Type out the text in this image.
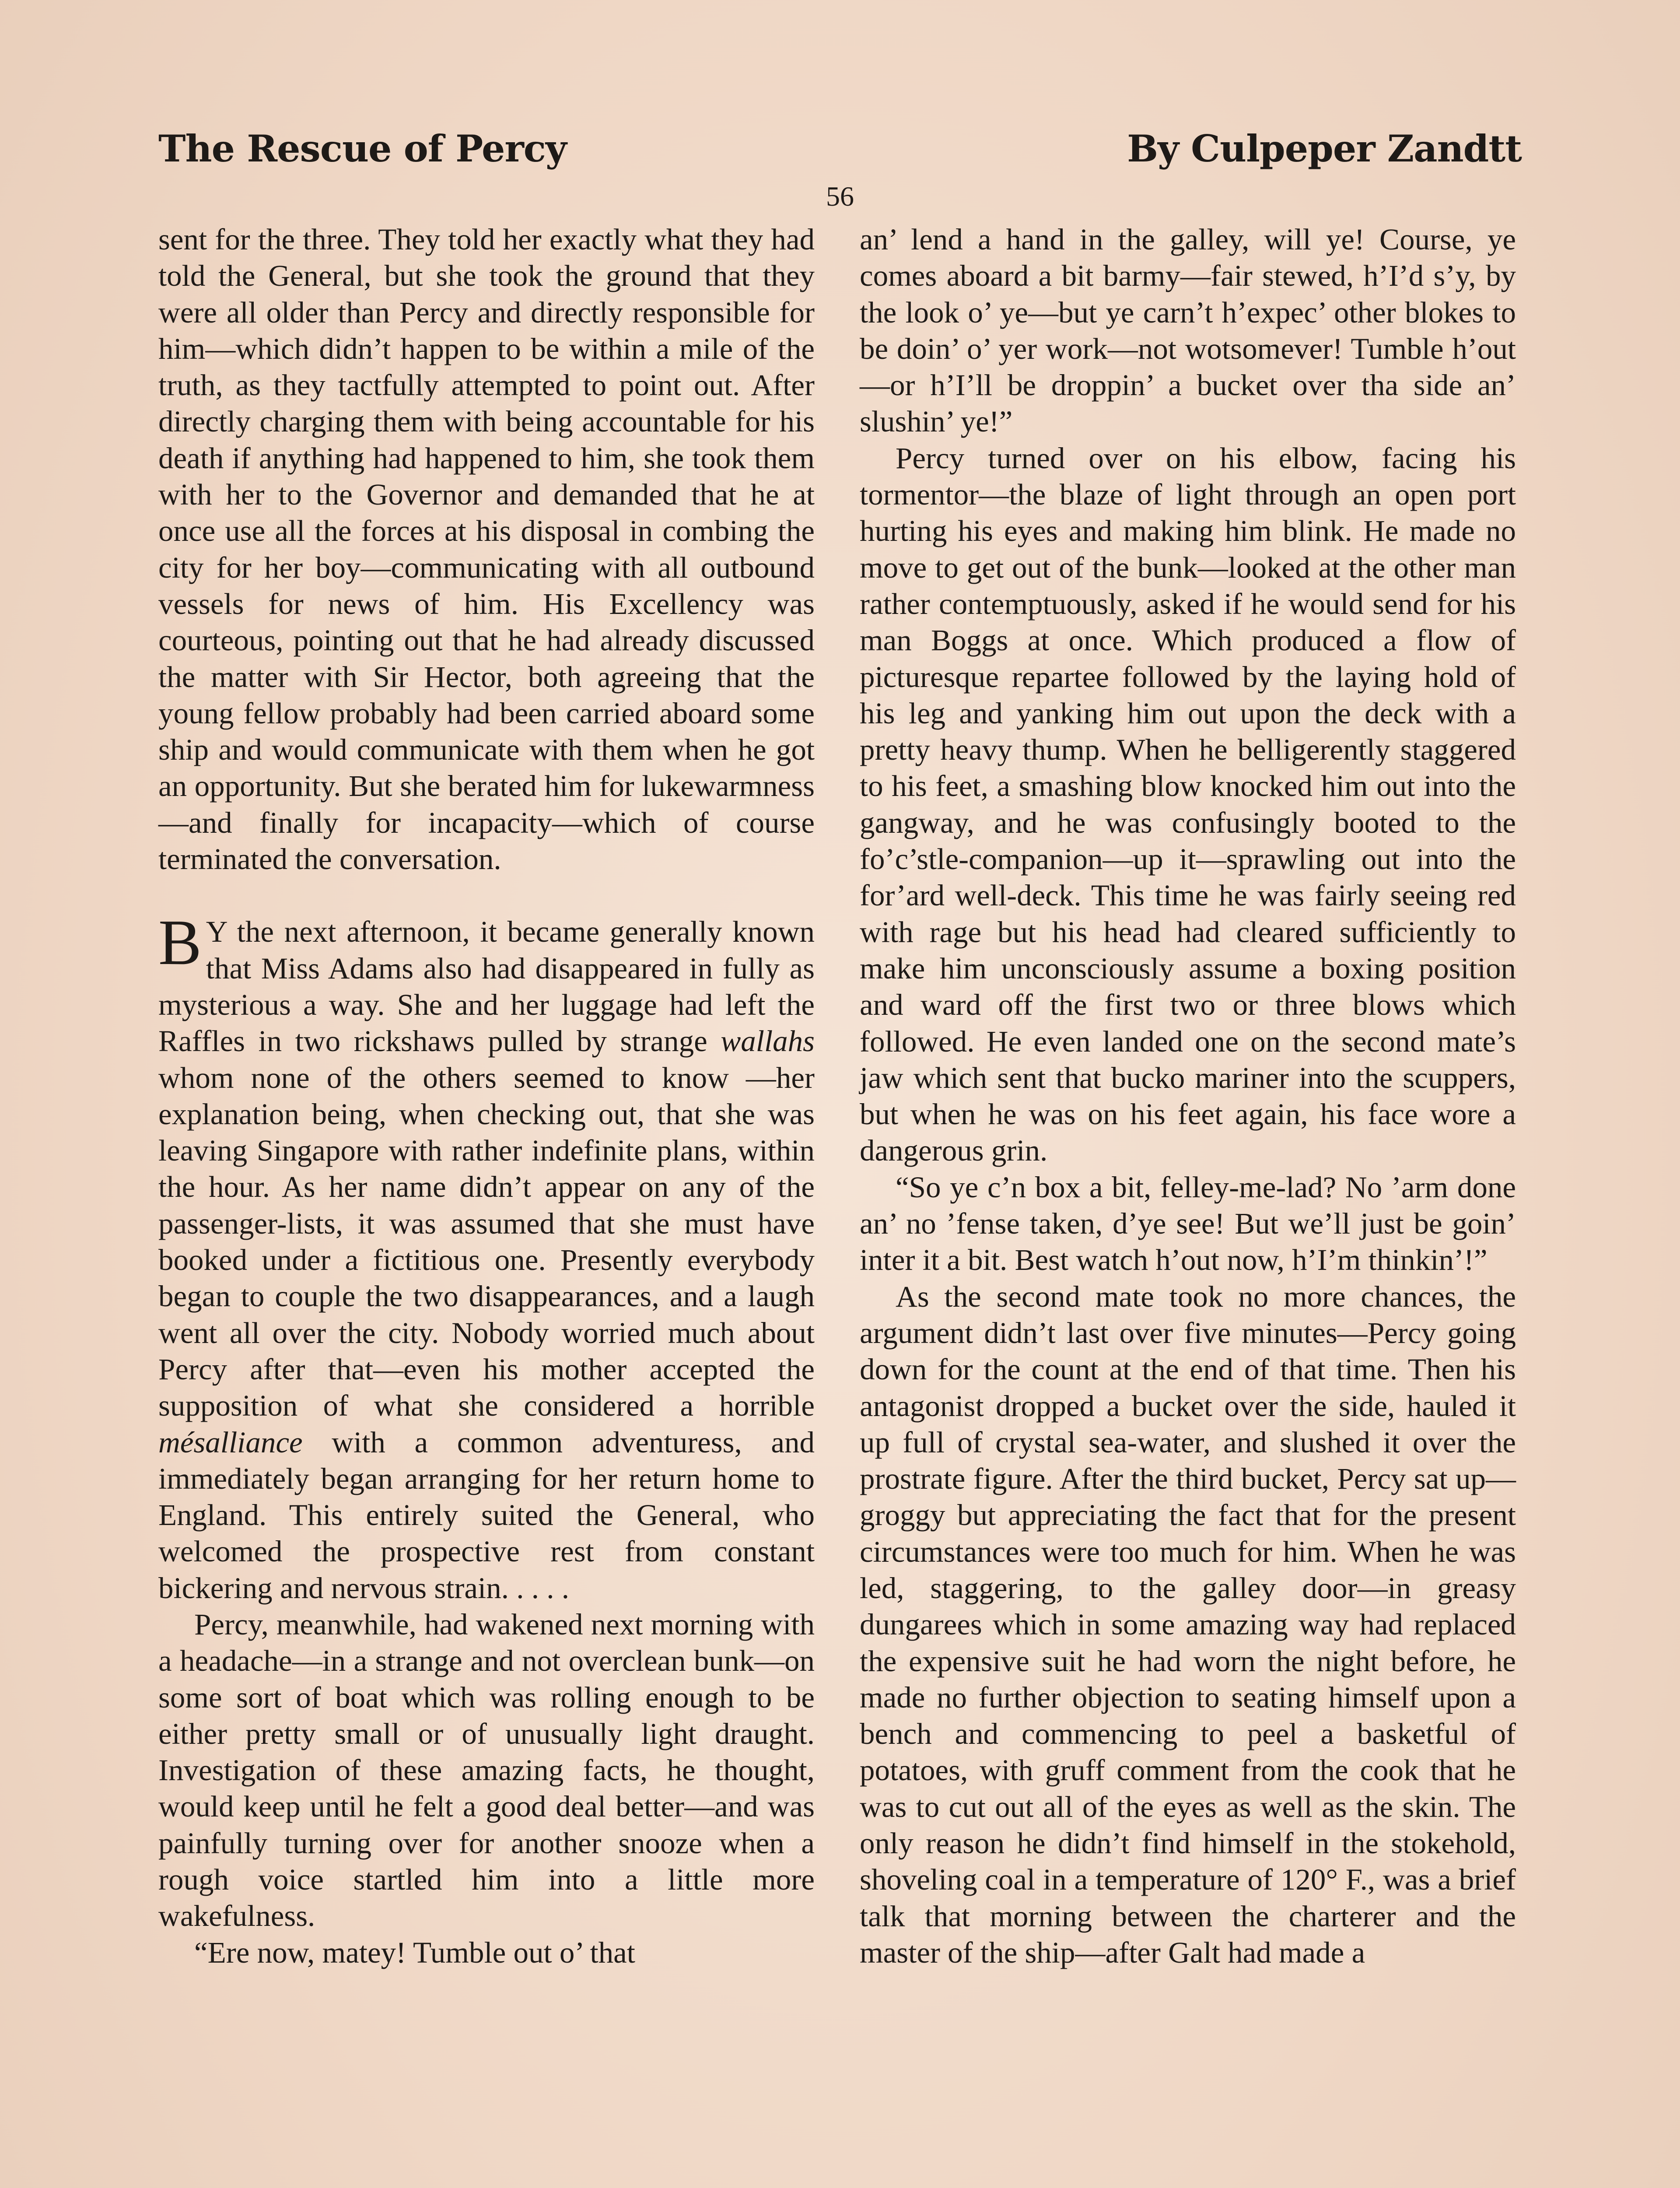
The Rescue of Percy	By Culpeper Zandtt
56

sent for the three. They told her exactly what they had told the General, but she took the ground that they were all older than Percy and directly responsible for him—which didn’t happen to be within a mile of the truth, as they tactfully attempted to point out. After directly charging them with being accountable for his death if anything had happened to him, she took them with her to the Governor and demanded that he at once use all the forces at his disposal in combing the city for her boy—communicating with all outbound vessels for news of him. His Excellency was courteous, pointing out that he had already discussed the matter with Sir Hector, both agreeing that the young fellow probably had been carried aboard some ship and would communicate with them when he got an opportunity. But she berated him for lukewarmness—and finally for incapacity—which of course terminated the conversation.

B Y the next afternoon, it became generally known that Miss Adams also had disappeared in fully as mysterious a way. She and her luggage had left the Raffles in two rickshaws pulled by strange wallahs whom none of the others seemed to know —her explanation being, when checking out, that she was leaving Singapore with rather indefinite plans, within the hour. As her name didn’t appear on any of the passenger-lists, it was assumed that she must have booked under a fictitious one. Presently everybody began to couple the two disappearances, and a laugh went all over the city. Nobody worried much about Percy after that—even his mother accepted the supposition of what she considered a horrible mésalliance with a common adventuress, and immediately began arranging for her return home to England. This entirely suited the General, who welcomed the prospective rest from constant bickering and nervous strain. . . . .

Percy, meanwhile, had wakened next morning with a headache—in a strange and not overclean bunk—on some sort of boat which was rolling enough to be either pretty small or of unusually light draught. Investigation of these amazing facts, he thought, would keep until he felt a good deal better—and was painfully turning over for another snooze when a rough voice startled him into a little more wakefulness.

“Ere now, matey! Tumble out o’ that

an’ lend a hand in the galley, will ye! Course, ye comes aboard a bit barmy—fair stewed, h’I’d s’y, by the look o’ ye—but ye carn’t h’expec’ other blokes to be doin’ o’ yer work—not wotsomever! Tumble h’out—or h’I’ll be droppin’ a bucket over tha side an’ slushin’ ye!”

Percy turned over on his elbow, facing his tormentor—the blaze of light through an open port hurting his eyes and making him blink. He made no move to get out of the bunk—looked at the other man rather contemptuously, asked if he would send for his man Boggs at once. Which produced a flow of picturesque repartee followed by the laying hold of his leg and yanking him out upon the deck with a pretty heavy thump. When he belligerently staggered to his feet, a smashing blow knocked him out into the gangway, and he was confusingly booted to the fo’c’stle-companion—up it—sprawling out into the for’ard well-deck. This time he was fairly seeing red with rage but his head had cleared sufficiently to make him unconsciously assume a boxing position and ward off the first two or three blows which followed. He even landed one on the second mate’s jaw which sent that bucko mariner into the scuppers, but when he was on his feet again, his face wore a dangerous grin.

“So ye c’n box a bit, felley-me-lad? No ’arm done an’ no ’fense taken, d’ye see! But we’ll just be goin’ inter it a bit. Best watch h’out now, h’I’m thinkin’!”

As the second mate took no more chances, the argument didn’t last over five minutes—Percy going down for the count at the end of that time. Then his antagonist dropped a bucket over the side, hauled it up full of crystal sea-water, and slushed it over the prostrate figure. After the third bucket, Percy sat up—groggy but appreciating the fact that for the present circumstances were too much for him. When he was led, staggering, to the galley door—in greasy dungarees which in some amazing way had replaced the expensive suit he had worn the night before, he made no further objection to seating himself upon a bench and commencing to peel a basketful of potatoes, with gruff comment from the cook that he was to cut out all of the eyes as well as the skin. The only reason he didn’t find himself in the stokehold, shoveling coal in a temperature of 120° F., was a brief talk that morning between the charterer and the master of the ship—after Galt had made a
